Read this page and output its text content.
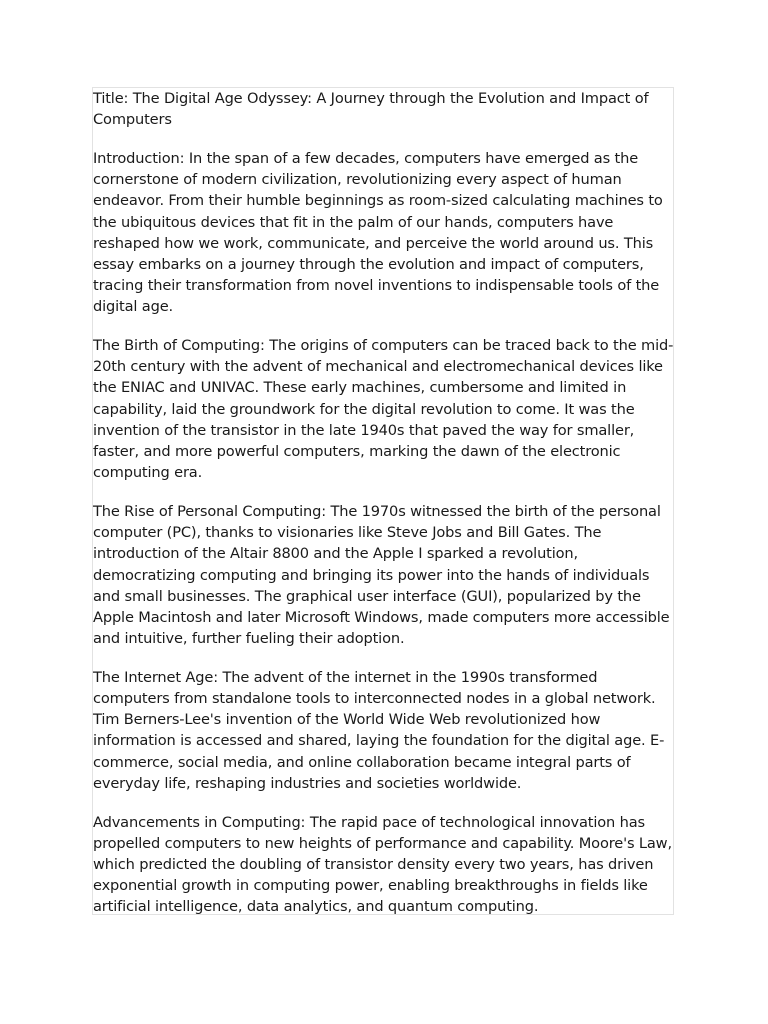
Title: The Digital Age Odyssey: A Journey through the Evolution and Impact of Computers

Introduction: In the span of a few decades, computers have emerged as the cornerstone of modern civilization, revolutionizing every aspect of human endeavor. From their humble beginnings as room-sized calculating machines to the ubiquitous devices that fit in the palm of our hands, computers have reshaped how we work, communicate, and perceive the world around us. This essay embarks on a journey through the evolution and impact of computers, tracing their transformation from novel inventions to indispensable tools of the digital age.

The Birth of Computing: The origins of computers can be traced back to the mid-20th century with the advent of mechanical and electromechanical devices like the ENIAC and UNIVAC. These early machines, cumbersome and limited in capability, laid the groundwork for the digital revolution to come. It was the invention of the transistor in the late 1940s that paved the way for smaller, faster, and more powerful computers, marking the dawn of the electronic computing era.

The Rise of Personal Computing: The 1970s witnessed the birth of the personal computer (PC), thanks to visionaries like Steve Jobs and Bill Gates. The introduction of the Altair 8800 and the Apple I sparked a revolution, democratizing computing and bringing its power into the hands of individuals and small businesses. The graphical user interface (GUI), popularized by the Apple Macintosh and later Microsoft Windows, made computers more accessible and intuitive, further fueling their adoption.

The Internet Age: The advent of the internet in the 1990s transformed computers from standalone tools to interconnected nodes in a global network. Tim Berners-Lee's invention of the World Wide Web revolutionized how information is accessed and shared, laying the foundation for the digital age. E-commerce, social media, and online collaboration became integral parts of everyday life, reshaping industries and societies worldwide.

Advancements in Computing: The rapid pace of technological innovation has propelled computers to new heights of performance and capability. Moore's Law, which predicted the doubling of transistor density every two years, has driven exponential growth in computing power, enabling breakthroughs in fields like artificial intelligence, data analytics, and quantum computing.
